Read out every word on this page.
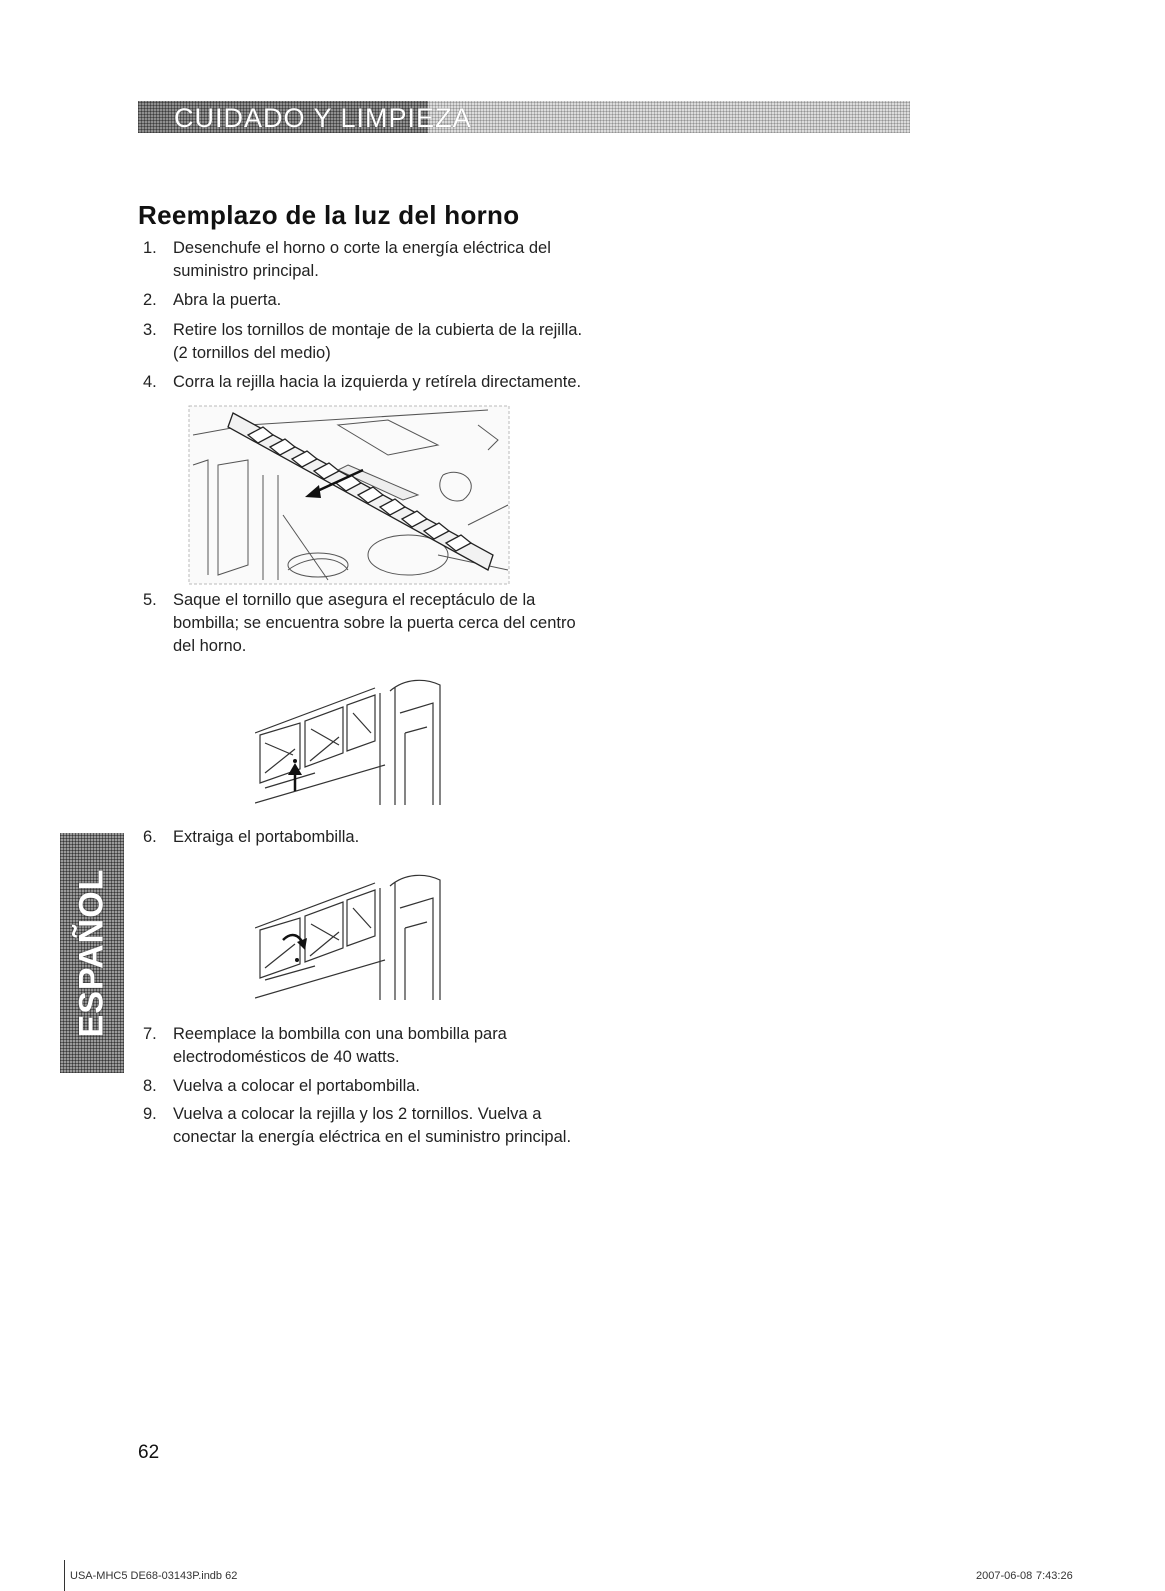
CUIDADO Y LIMPIEZA
Reemplazo de la luz del horno
1. Desenchufe el horno o corte la energía eléctrica del suministro principal.
2. Abra la puerta.
3. Retire los tornillos de montaje de la cubierta de la rejilla. (2 tornillos del medio)
4. Corra la rejilla hacia la izquierda y retírela directamente.
5. Saque el tornillo que asegura el receptáculo de la bombilla; se encuentra sobre la puerta cerca del centro del horno.
6. Extraiga el portabombilla.
ESPAÑOL 7. Reemplace la bombilla con una bombilla para electrodomésticos de 40 watts.
8. Vuelva a colocar el portabombilla.
9. Vuelva a colocar la rejilla y los 2 tornillos. Vuelva a conectar la energía eléctrica en el suministro principal.
62
USA-MHC5 DE68-03143P.indb 62	2007-06-08 7:43:26
